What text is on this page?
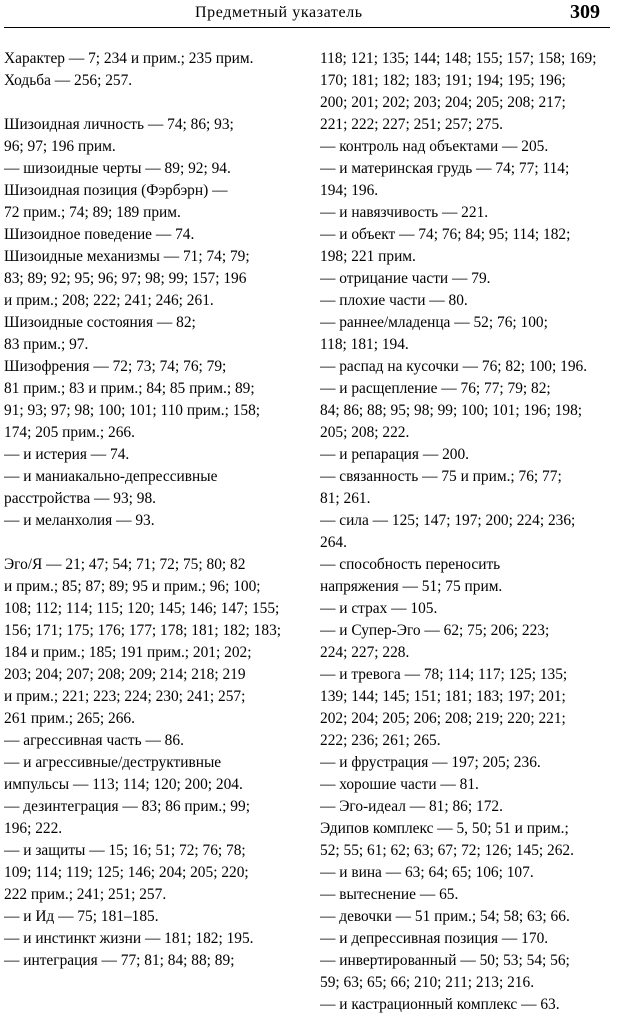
Предметный указатель	309
Характер — 7; 234 и прим.; 235 прим.
Ходьба — 256; 257.
Шизоидная личность — 74; 86; 93;
96; 97; 196 прим.
— шизоидные черты — 89; 92; 94.
Шизоидная позиция (Фэрбэрн) —
72 прим.; 74; 89; 189 прим.
Шизоидное поведение — 74.
Шизоидные механизмы — 71; 74; 79;
83; 89; 92; 95; 96; 97; 98; 99; 157; 196
и прим.; 208; 222; 241; 246; 261.
Шизоидные состояния — 82;
83 прим.; 97.
Шизофрения — 72; 73; 74; 76; 79;
81 прим.; 83 и прим.; 84; 85 прим.; 89;
91; 93; 97; 98; 100; 101; 110 прим.; 158;
174; 205 прим.; 266.
— и истерия — 74.
— и маниакально-депрессивные
расстройства — 93; 98.
— и меланхолия — 93.
Эго/Я — 21; 47; 54; 71; 72; 75; 80; 82
и прим.; 85; 87; 89; 95 и прим.; 96; 100;
108; 112; 114; 115; 120; 145; 146; 147; 155;
156; 171; 175; 176; 177; 178; 181; 182; 183;
184 и прим.; 185; 191 прим.; 201; 202;
203; 204; 207; 208; 209; 214; 218; 219
и прим.; 221; 223; 224; 230; 241; 257;
261 прим.; 265; 266.
— агрессивная часть — 86.
— и агрессивные/деструктивные
импульсы — 113; 114; 120; 200; 204.
— дезинтеграция — 83; 86 прим.; 99;
196; 222.
— и защиты — 15; 16; 51; 72; 76; 78;
109; 114; 119; 125; 146; 204; 205; 220;
222 прим.; 241; 251; 257.
— и Ид — 75; 181–185.
— и инстинкт жизни — 181; 182; 195.
— интеграция — 77; 81; 84; 88; 89;
118; 121; 135; 144; 148; 155; 157; 158; 169;
170; 181; 182; 183; 191; 194; 195; 196;
200; 201; 202; 203; 204; 205; 208; 217;
221; 222; 227; 251; 257; 275.
— контроль над объектами — 205.
— и материнская грудь — 74; 77; 114;
194; 196.
— и навязчивость — 221.
— и объект — 74; 76; 84; 95; 114; 182;
198; 221 прим.
— отрицание части — 79.
— плохие части — 80.
— раннее/младенца — 52; 76; 100;
118; 181; 194.
— распад на кусочки — 76; 82; 100; 196.
— и расщепление — 76; 77; 79; 82;
84; 86; 88; 95; 98; 99; 100; 101; 196; 198;
205; 208; 222.
— и репарация — 200.
— связанность — 75 и прим.; 76; 77;
81; 261.
— сила — 125; 147; 197; 200; 224; 236;
264.
— способность переносить
напряжения — 51; 75 прим.
— и страх — 105.
— и Супер-Эго — 62; 75; 206; 223;
224; 227; 228.
— и тревога — 78; 114; 117; 125; 135;
139; 144; 145; 151; 181; 183; 197; 201;
202; 204; 205; 206; 208; 219; 220; 221;
222; 236; 261; 265.
— и фрустрация — 197; 205; 236.
— хорошие части — 81.
— Эго-идеал — 81; 86; 172.
Эдипов комплекс — 5, 50; 51 и прим.;
52; 55; 61; 62; 63; 67; 72; 126; 145; 262.
— и вина — 63; 64; 65; 106; 107.
— вытеснение — 65.
— девочки — 51 прим.; 54; 58; 63; 66.
— и депрессивная позиция — 170.
— инвертированный — 50; 53; 54; 56;
59; 63; 65; 66; 210; 211; 213; 216.
— и кастрационный комплекс — 63.
